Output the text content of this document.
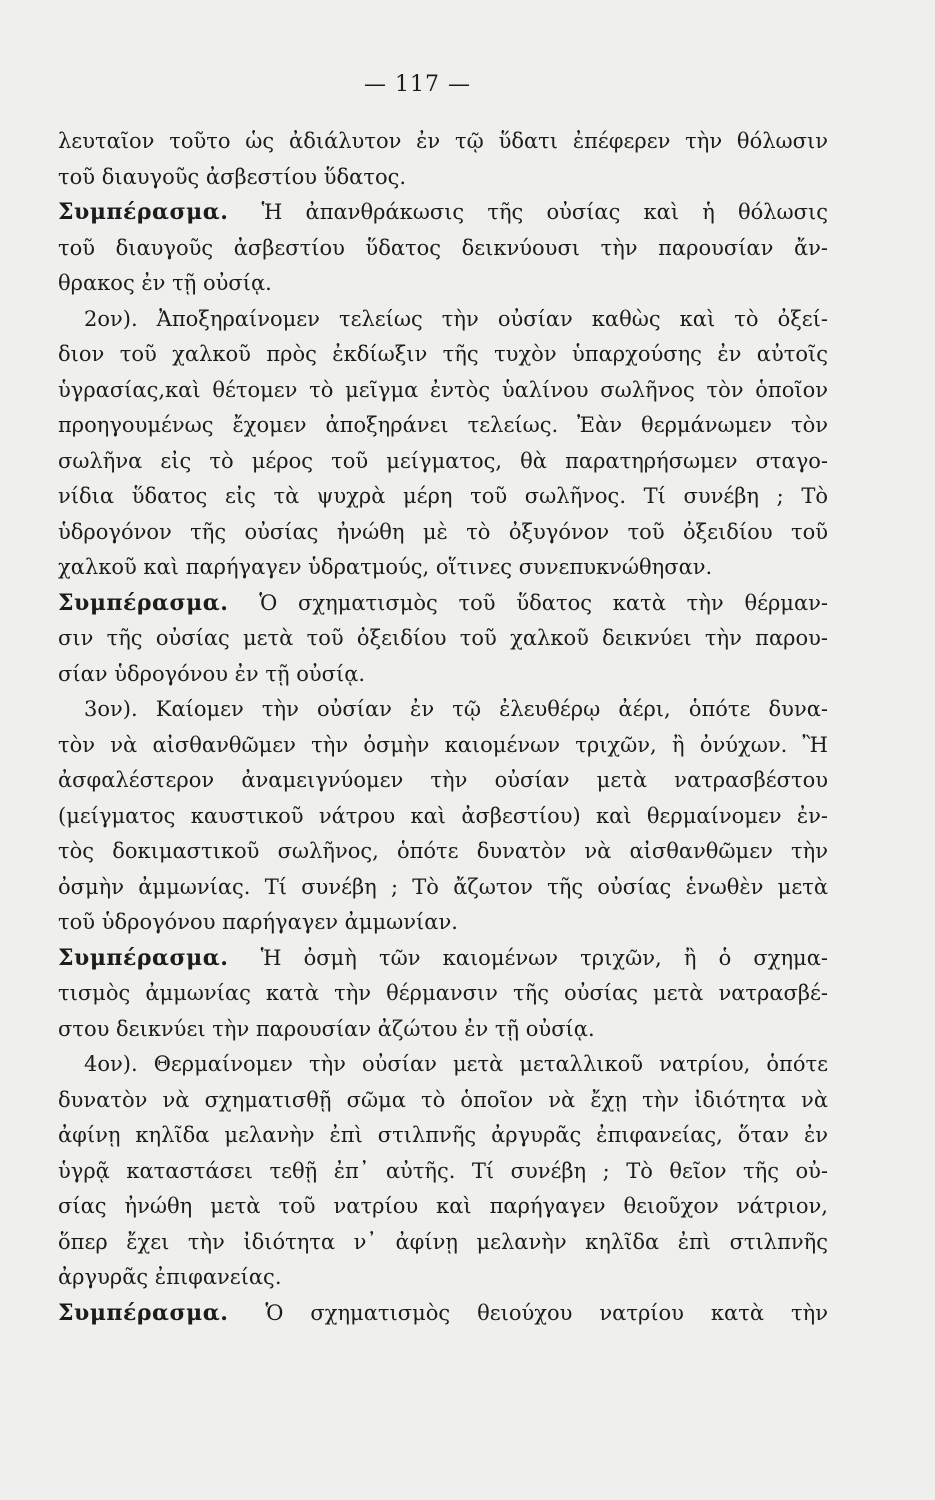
— 117 —
λευταῖον τοῦτο ὡς ἀδιάλυτον ἐν τῷ ὕδατι ἐπέφερεν τὴν θόλωσιν
τοῦ διαυγοῦς ἀσβεστίου ὕδατος.
Συμπέρασμα. Ἡ ἀπανθράκωσις τῆς οὐσίας καὶ ἡ θόλωσις
τοῦ διαυγοῦς ἀσβεστίου ὕδατος δεικνύουσι τὴν παρουσίαν ἄν-
θρακος ἐν τῇ οὐσίᾳ.
2ον). Ἀποξηραίνομεν τελείως τὴν οὐσίαν καθὼς καὶ τὸ ὀξεί-
διον τοῦ χαλκοῦ πρὸς ἐκδίωξιν τῆς τυχὸν ὑπαρχούσης ἐν αὐτοῖς
ὑγρασίας,καὶ θέτομεν τὸ μεῖγμα ἐντὸς ὑαλίνου σωλῆνος τὸν ὁποῖον
προηγουμένως ἔχομεν ἀποξηράνει τελείως. Ἐὰν θερμάνωμεν τὸν
σωλῆνα εἰς τὸ μέρος τοῦ μείγματος, θὰ παρατηρήσωμεν σταγο-
νίδια ὕδατος εἰς τὰ ψυχρὰ μέρη τοῦ σωλῆνος. Τί συνέβη ; Τὸ
ὑδρογόνον τῆς οὐσίας ἠνώθη μὲ τὸ ὀξυγόνον τοῦ ὀξειδίου τοῦ
χαλκοῦ καὶ παρήγαγεν ὑδρατμούς, οἵτινες συνεπυκνώθησαν.
Συμπέρασμα. Ὁ σχηματισμὸς τοῦ ὕδατος κατὰ τὴν θέρμαν-
σιν τῆς οὐσίας μετὰ τοῦ ὀξειδίου τοῦ χαλκοῦ δεικνύει τὴν παρου-
σίαν ὑδρογόνου ἐν τῇ οὐσίᾳ.
3ον). Καίομεν τὴν οὐσίαν ἐν τῷ ἐλευθέρῳ ἀέρι, ὁπότε δυνα-
τὸν νὰ αἰσθανθῶμεν τὴν ὀσμὴν καιομένων τριχῶν, ἢ ὀνύχων. Ἢ
ἀσφαλέστερον ἀναμειγνύομεν τὴν οὐσίαν μετὰ νατρασβέστου
(μείγματος καυστικοῦ νάτρου καὶ ἀσβεστίου) καὶ θερμαίνομεν ἐν-
τὸς δοκιμαστικοῦ σωλῆνος, ὁπότε δυνατὸν νὰ αἰσθανθῶμεν τὴν
ὀσμὴν ἀμμωνίας. Τί συνέβη ; Τὸ ἄζωτον τῆς οὐσίας ἑνωθὲν μετὰ
τοῦ ὑδρογόνου παρήγαγεν ἀμμωνίαν.
Συμπέρασμα. Ἡ ὀσμὴ τῶν καιομένων τριχῶν, ἢ ὁ σχημα-
τισμὸς ἀμμωνίας κατὰ τὴν θέρμανσιν τῆς οὐσίας μετὰ νατρασβέ-
στου δεικνύει τὴν παρουσίαν ἀζώτου ἐν τῇ οὐσίᾳ.
4ον). Θερμαίνομεν τὴν οὐσίαν μετὰ μεταλλικοῦ νατρίου, ὁπότε
δυνατὸν νὰ σχηματισθῇ σῶμα τὸ ὁποῖον νὰ ἔχῃ τὴν ἰδιότητα νὰ
ἀφίνῃ κηλῖδα μελανὴν ἐπὶ στιλπνῆς ἀργυρᾶς ἐπιφανείας, ὅταν ἐν
ὑγρᾷ καταστάσει τεθῇ ἐπ᾽ αὐτῆς. Τί συνέβη ; Τὸ θεῖον τῆς οὐ-
σίας ἠνώθη μετὰ τοῦ νατρίου καὶ παρήγαγεν θειοῦχον νάτριον,
ὅπερ ἔχει τὴν ἰδιότητα ν᾽ ἀφίνῃ μελανὴν κηλῖδα ἐπὶ στιλπνῆς
ἀργυρᾶς ἐπιφανείας.
Συμπέρασμα. Ὁ σχηματισμὸς θειούχου νατρίου κατὰ τὴν
